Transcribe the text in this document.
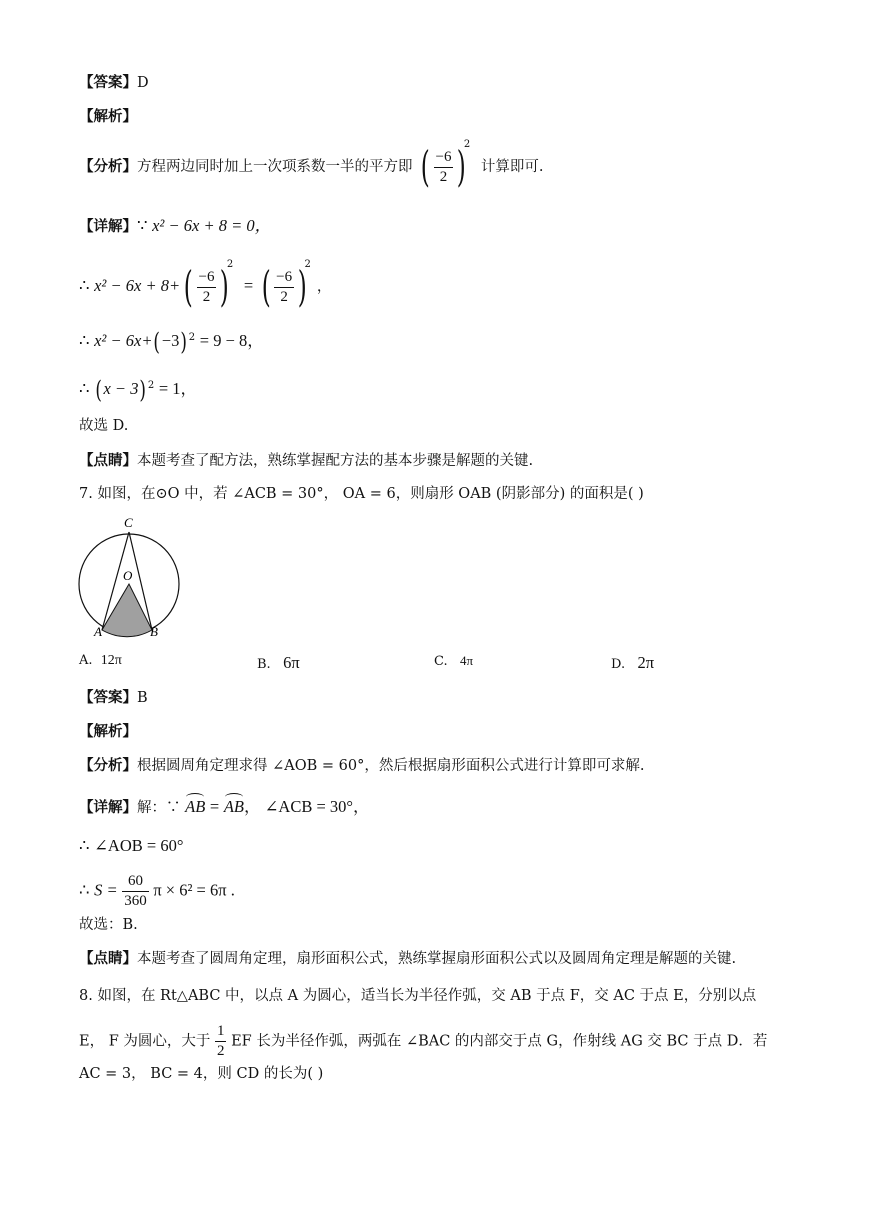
【答案】D
【解析】
【分析】方程两边同时加上一次项系数一半的平方即 ( $\frac{-6}{2} )^2$ 计算即可.
【详解】∵ x² − 6x + 8 = 0，
∴ $x^2 - 6x + 8+( \frac{-6}{2} )^2$ = ( $\frac{-6}{2} )^2$，
∴ $x^2 - 6x+(-3)^2 = 9 - 8$，
∴ $(x - 3)^2 = 1$，
故选 D.
【点睛】本题考查了配方法，熟练掌握配方法的基本步骤是解题的关键.
7. 如图，在⊙O 中，若 ∠ACB = 30°， OA = 6，则扇形 OAB (阴影部分) 的面积是( )
C
O
A	B
A. 12π	B. 6π	C. 4π	D. 2π
【答案】B
【解析】
【分析】根据圆周角定理求得 ∠AOB = 60°，然后根据扇形面积公式进行计算即可求解.
【详解】解：∵ AB = AB， ∠ACB = 30°，
∴ ∠AOB = 60°
∴ $S = \frac{60}{360}$ π × 6² = 6π .
故选：B.
【点睛】本题考查了圆周角定理，扇形面积公式，熟练掌握扇形面积公式以及圆周角定理是解题的关键.
8. 如图，在 Rt△ABC 中，以点 A 为圆心，适当长为半径作弧，交 AB 于点 F，交 AC 于点 E，分别以点
E， F 为圆心，大于 $\frac{1}{2}$ EF 长为半径作弧，两弧在 ∠BAC 的内部交于点 G，作射线 AG 交 BC 于点 D．若
AC = 3， BC = 4，则 CD 的长为( )
